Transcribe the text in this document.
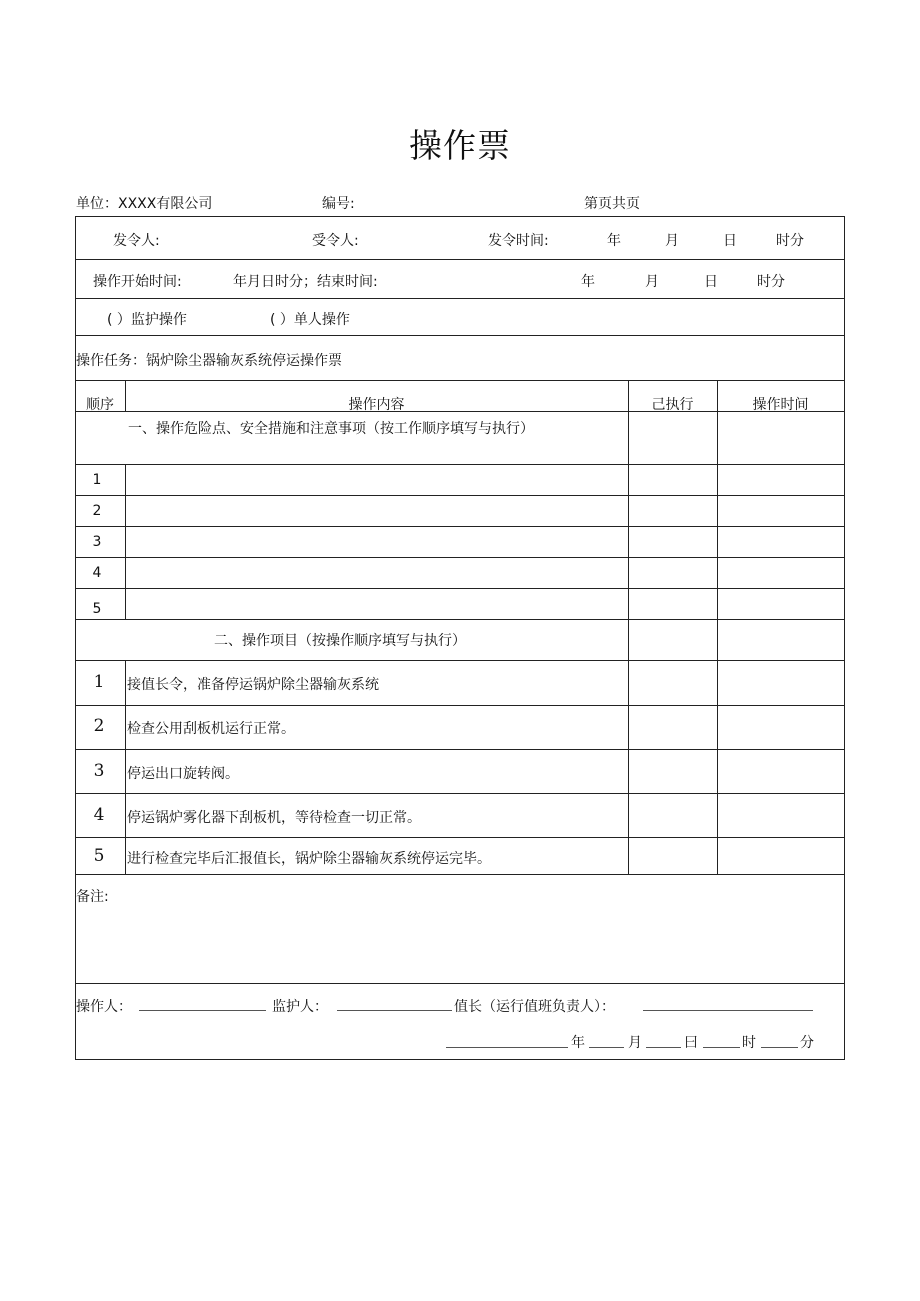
操作票
单位：XXXX有限公司	编号:	第页共页
发令人:	受令人:	发令时间:	年	月	日	时分
操作开始时间:	年月日时分；结束时间:	年	月	日	时分
( ）监护操作	( ）单人操作
操作任务：锅炉除尘器输灰系统停运操作票
顺序	操作内容	己执行	操作时间
一、操作危险点、安全措施和注意事项（按工作顺序填写与执行）
1
2
3
4
5
二、操作项目（按操作顺序填写与执行）
1	接值长令，准备停运锅炉除尘器输灰系统
2	检查公用刮板机运行正常。
3	停运出口旋转阀。
4	停运锅炉雾化器下刮板机，等待检查一切正常。
5	进行检查完毕后汇报值长，锅炉除尘器输灰系统停运完毕。
备注:
操作人：	监护人：	值长（运行值班负责人）：
年	月	曰	时	分
